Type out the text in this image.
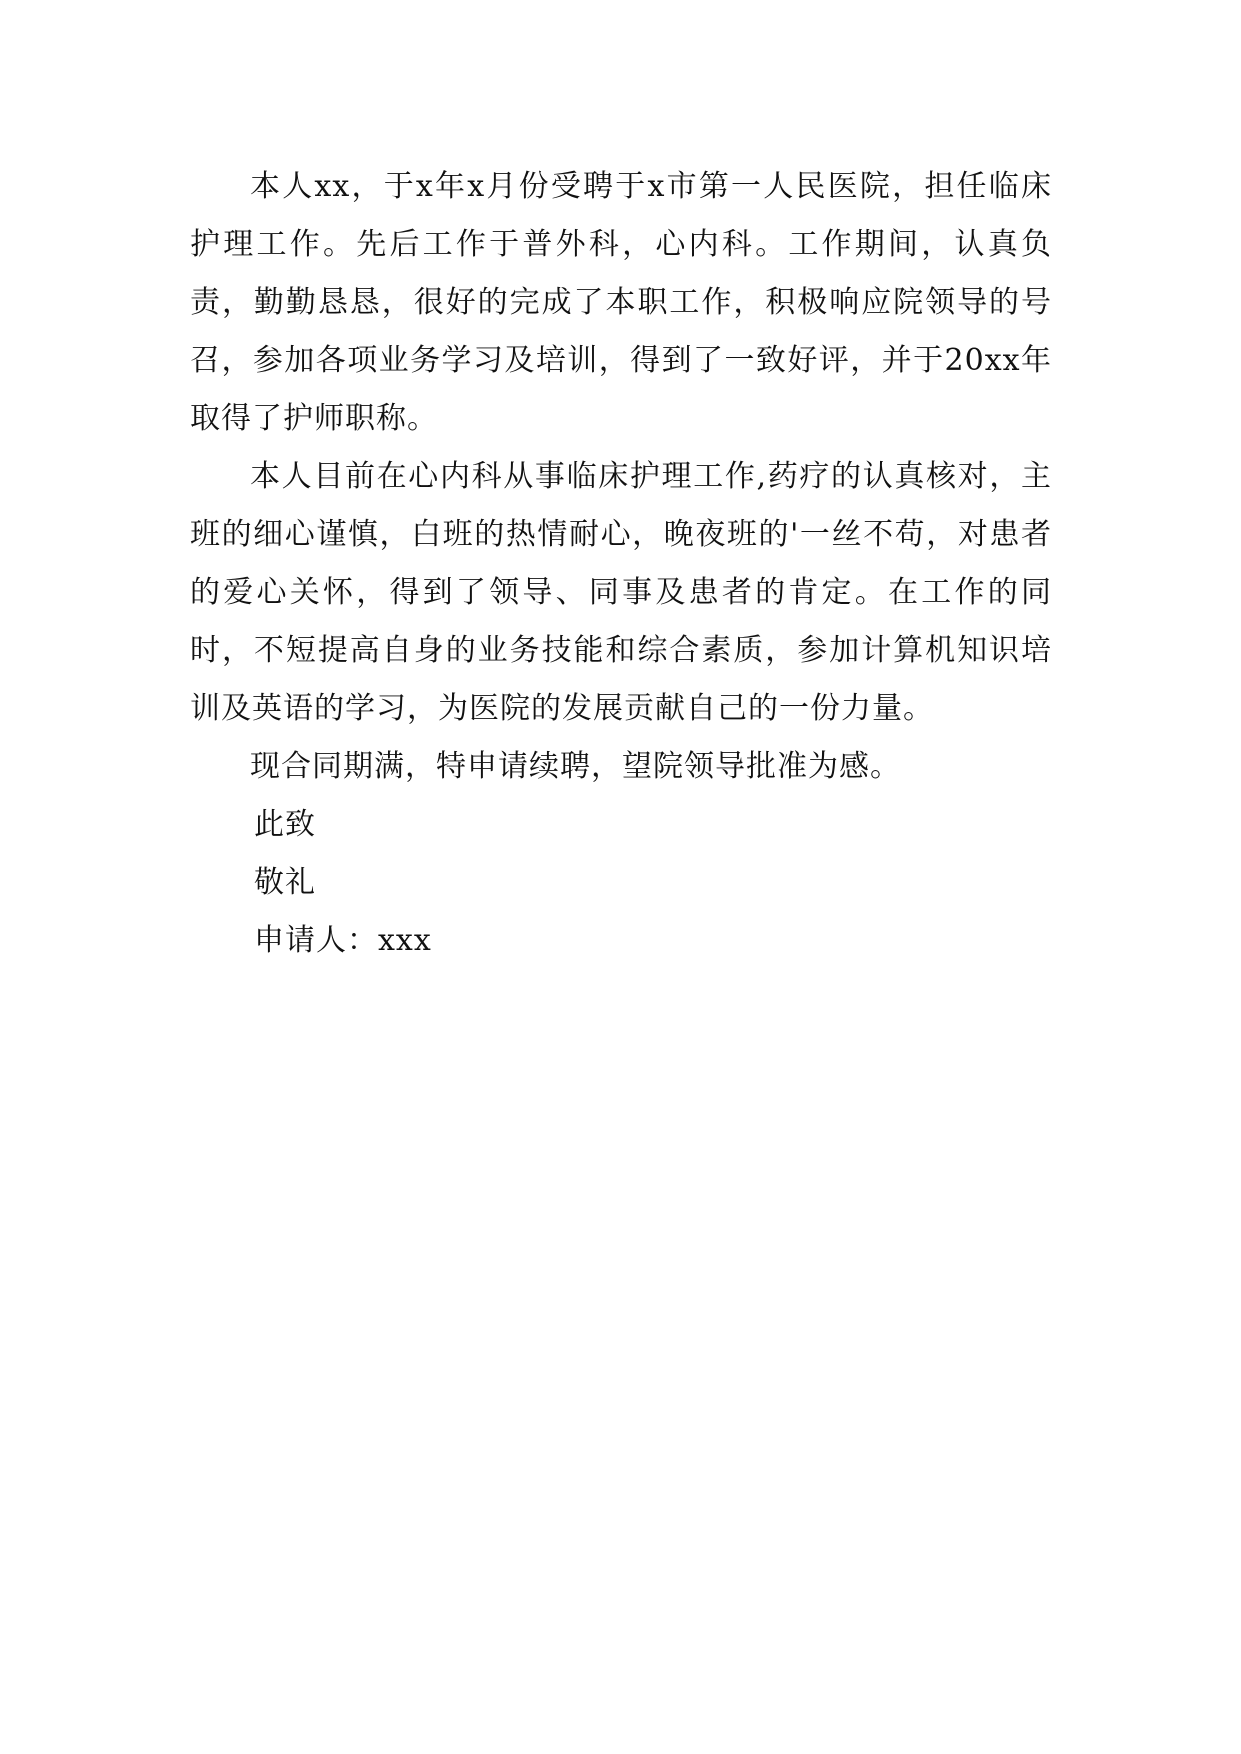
本人xx，于x年x月份受聘于x市第一人民医院，担任临床护理工作。先后工作于普外科，心内科。工作期间，认真负责，勤勤恳恳，很好的完成了本职工作，积极响应院领导的号召，参加各项业务学习及培训，得到了一致好评，并于20xx年取得了护师职称。

本人目前在心内科从事临床护理工作,药疗的认真核对，主班的细心谨慎，白班的热情耐心，晚夜班的'一丝不苟，对患者的爱心关怀，得到了领导、同事及患者的肯定。在工作的同时，不短提高自身的业务技能和综合素质，参加计算机知识培训及英语的学习，为医院的发展贡献自己的一份力量。

现合同期满，特申请续聘，望院领导批准为感。

此致

敬礼

申请人：xxx
